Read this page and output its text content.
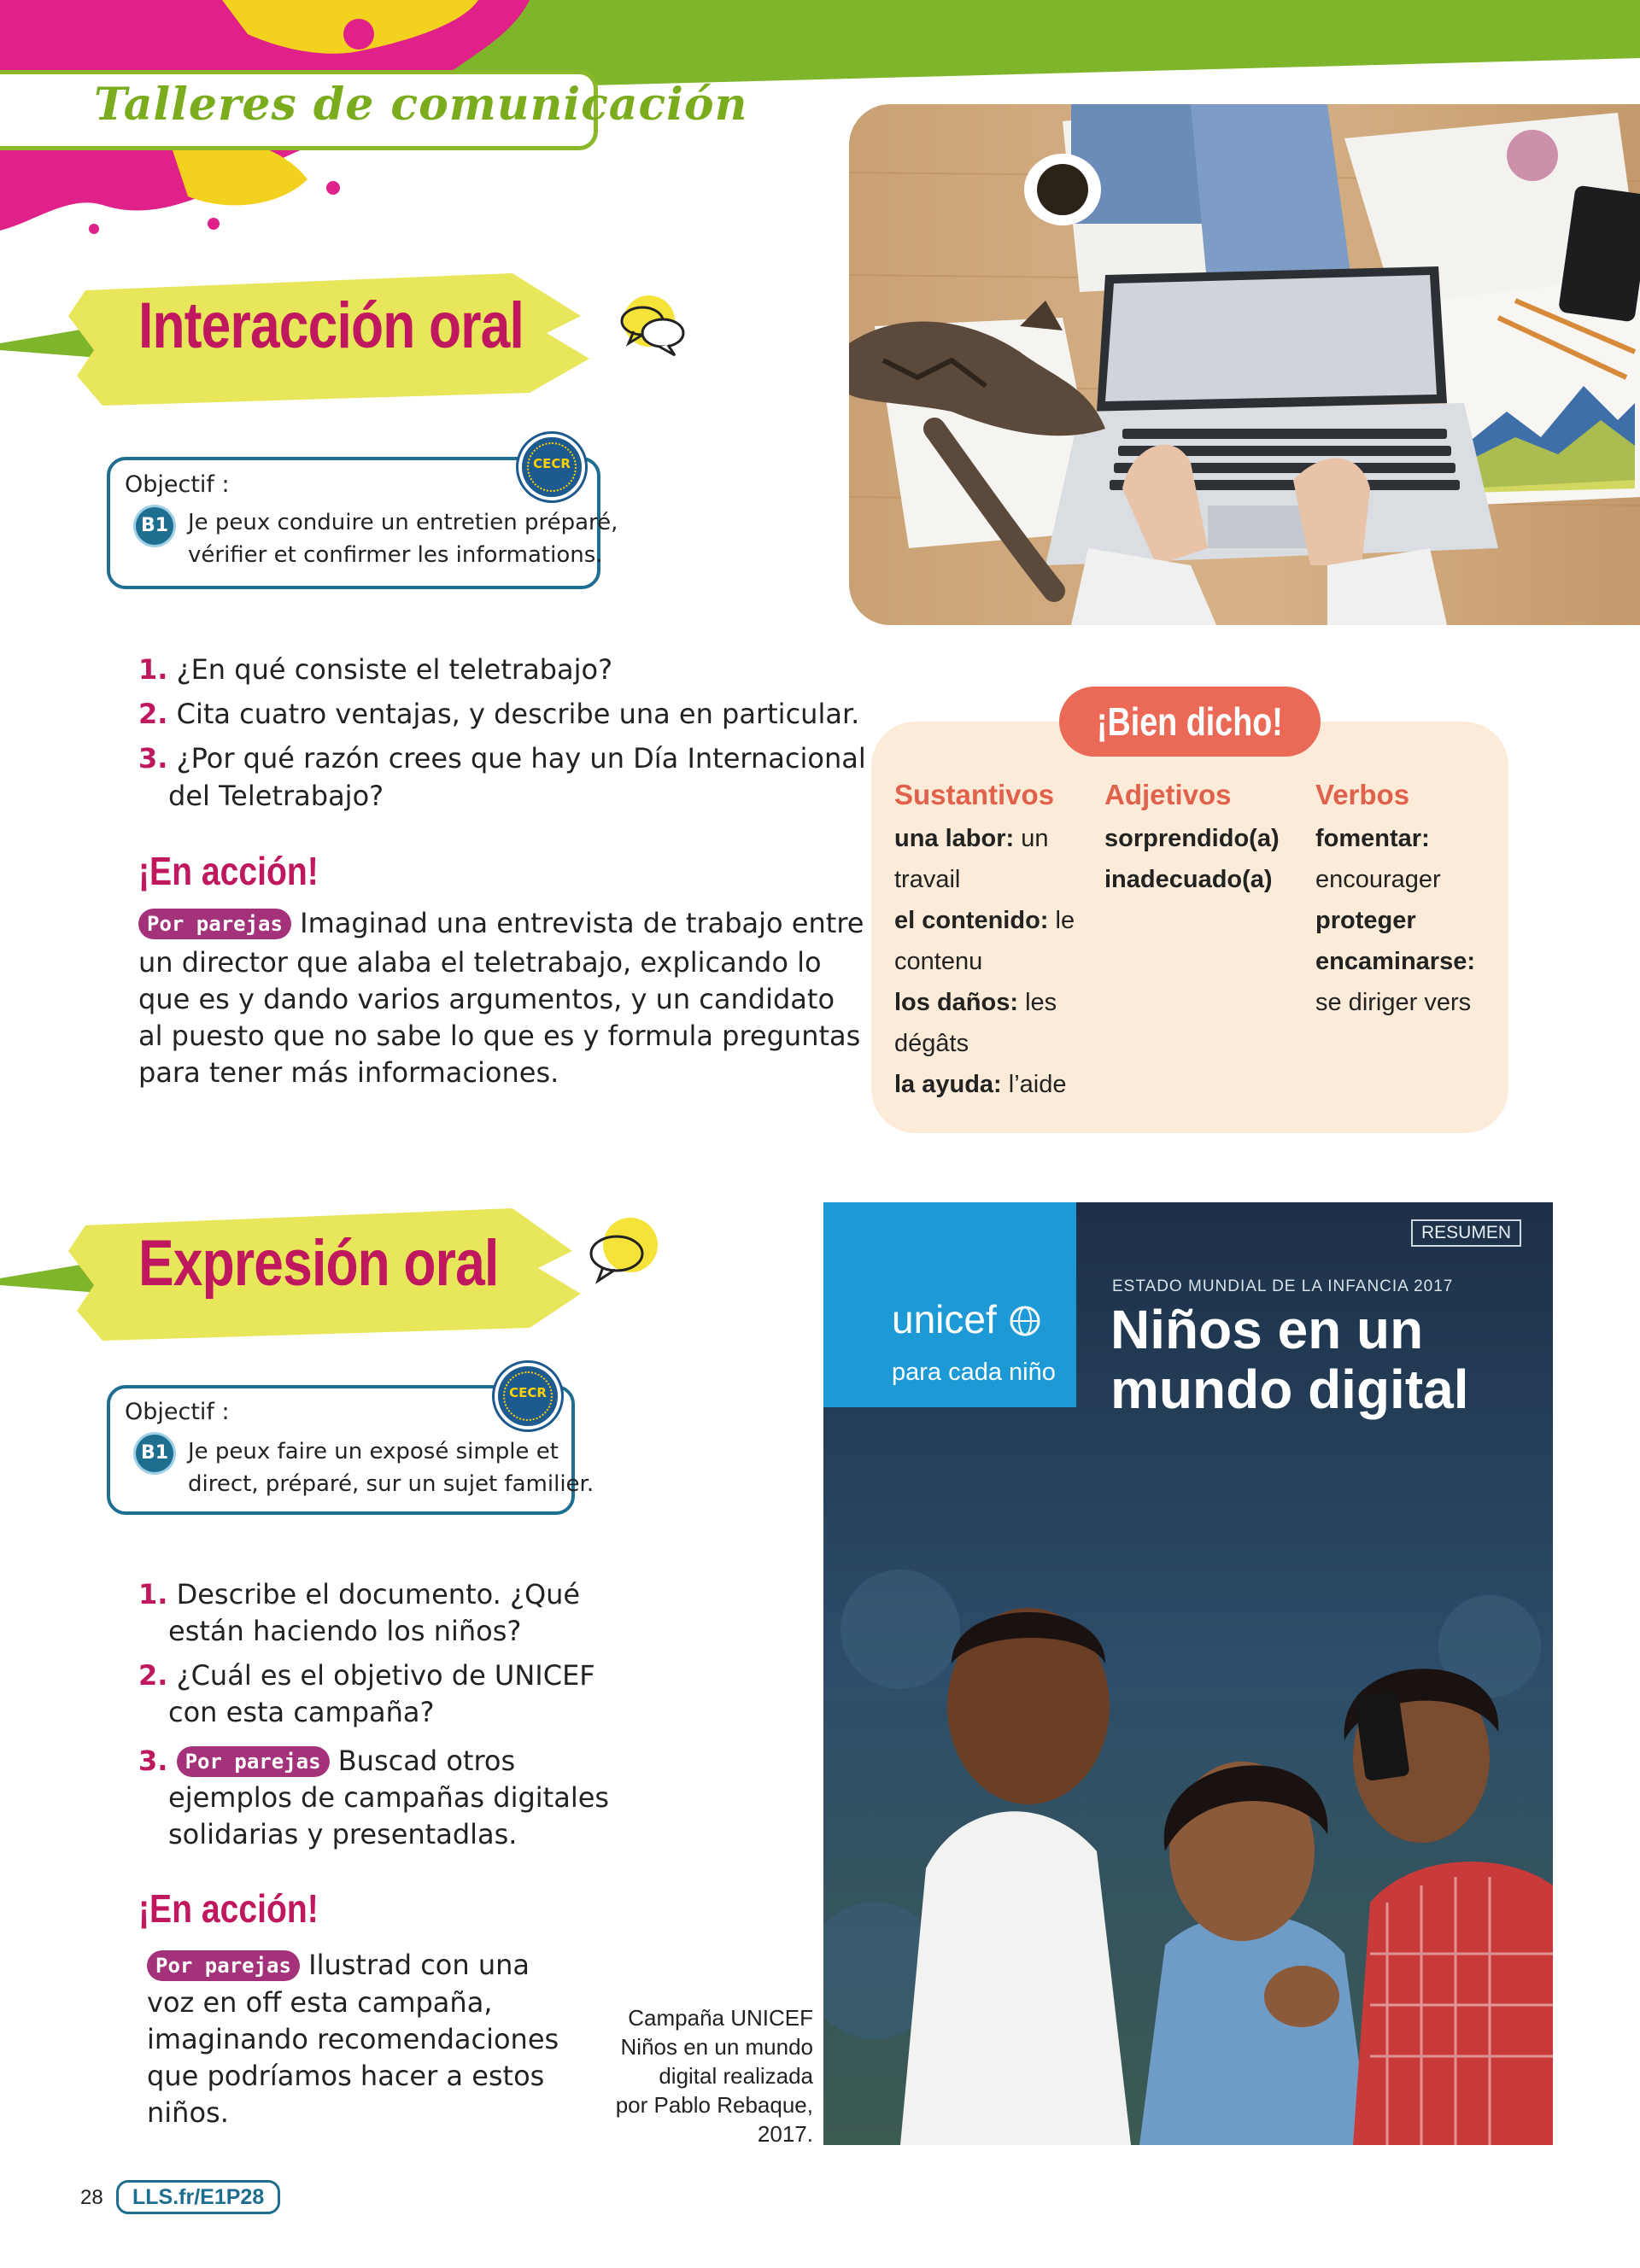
Talleres de comunicación
Interacción oral
Objectif :
B1 Je peux conduire un entretien préparé,
vérifier et confirmer les informations.
CECR
1. ¿En qué consiste el teletrabajo?
2. Cita cuatro ventajas, y describe una en particular.
3. ¿Por qué razón crees que hay un Día Internacional
del Teletrabajo?
¡En acción!
Por parejas Imaginad una entrevista de trabajo entre
un director que alaba el teletrabajo, explicando lo
que es y dando varios argumentos, y un candidato
al puesto que no sabe lo que es y formula preguntas
para tener más informaciones.
¡Bien dicho!
Sustantivos
una labor: un
travail
el contenido: le
contenu
los daños: les
dégâts
la ayuda: l’aide
Adjetivos
sorprendido(a)
inadecuado(a)
Verbos
fomentar:
encourager
proteger
encaminarse:
se diriger vers
Expresión oral
Objectif :
B1 Je peux faire un exposé simple et
direct, préparé, sur un sujet familier.
CECR
1. Describe el documento. ¿Qué
están haciendo los niños?
2. ¿Cuál es el objetivo de UNICEF
con esta campaña?
3. Por parejas Buscad otros
ejemplos de campañas digitales
solidarias y presentadlas.
¡En acción!
Por parejas Ilustrad con una
voz en off esta campaña,
imaginando recomendaciones
que podríamos hacer a estos
niños.
RESUMEN
ESTADO MUNDIAL DE LA INFANCIA 2017
Niños en un
mundo digital
unicef
para cada niño
Campaña UNICEF
Niños en un mundo
digital realizada
por Pablo Rebaque,
2017.
28	LLS.fr/E1P28
